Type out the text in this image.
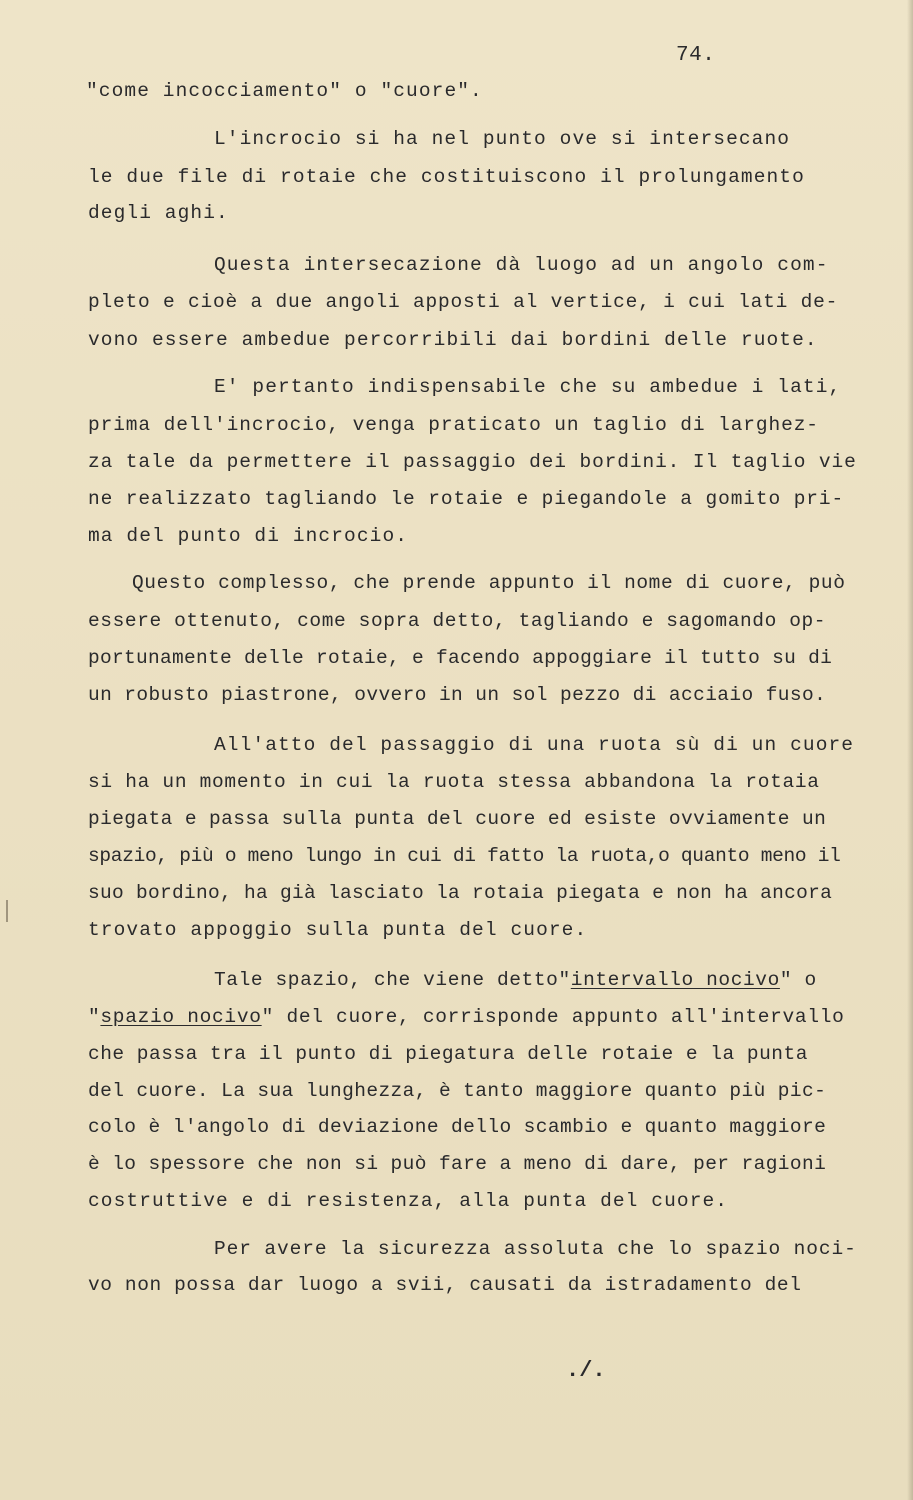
74.
"come incocciamento" o "cuore".
L'incrocio si ha nel punto ove si intersecano
le due file di rotaie che costituiscono il prolungamento
degli aghi.
Questa intersecazione dà luogo ad un angolo com-
pleto e cioè a due angoli apposti al vertice, i cui lati de-
vono essere ambedue percorribili dai bordini delle ruote.
E' pertanto indispensabile che su ambedue i lati,
prima dell'incrocio, venga praticato un taglio di larghez-
za tale da permettere il passaggio dei bordini. Il taglio vie
ne realizzato tagliando le rotaie e piegandole a gomito pri-
ma del punto di incrocio.
Questo complesso, che prende appunto il nome di cuore, può
essere ottenuto, come sopra detto, tagliando e sagomando op-
portunamente delle rotaie, e facendo appoggiare il tutto su di
un robusto piastrone, ovvero in un sol pezzo di acciaio fuso.
All'atto del passaggio di una ruota sù di un cuore
si ha un momento in cui la ruota stessa abbandona la rotaia
piegata e passa sulla punta del cuore ed esiste ovviamente un
spazio, più o meno lungo in cui di fatto la ruota,o quanto meno il
suo bordino, ha già lasciato la rotaia piegata e non ha ancora
trovato appoggio sulla punta del cuore.
Tale spazio, che viene detto"intervallo nocivo" o
"spazio nocivo" del cuore, corrisponde appunto all'intervallo
che passa tra il punto di piegatura delle rotaie e la punta
del cuore. La sua lunghezza, è tanto maggiore quanto più pic-
colo è l'angolo di deviazione dello scambio e quanto maggiore
è lo spessore che non si può fare a meno di dare, per ragioni
costruttive e di resistenza, alla punta del cuore.
Per avere la sicurezza assoluta che lo spazio noci-
vo non possa dar luogo a svii, causati da istradamento del
./.
